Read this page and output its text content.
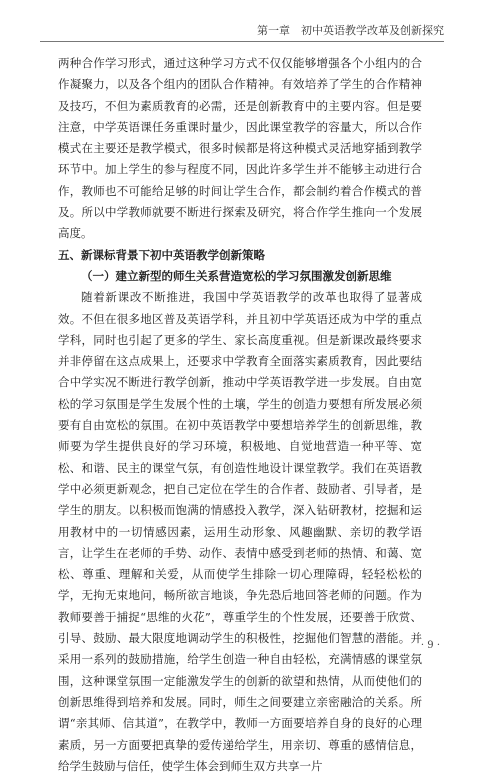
第一章　初中英语教学改革及创新探究

两种合作学习形式，通过这种学习方式不仅仅能够增强各个小组内的合作凝聚力，以及各个组内的团队合作精神。有效培养了学生的合作精神及技巧，不但为素质教育的必需，还是创新教育中的主要内容。但是要注意，中学英语课任务重课时量少，因此课堂教学的容量大，所以合作模式在主要还是教学模式，很多时候都是将这种模式灵活地穿插到教学环节中。加上学生的参与程度不同，因此许多学生并不能够主动进行合作，教师也不可能给足够的时间让学生合作，都会制约着合作模式的普及。所以中学教师就要不断进行探索及研究，将合作学生推向一个发展高度。

五、新课标背景下初中英语教学创新策略

（一）建立新型的师生关系营造宽松的学习氛围激发创新思维

随着新课改不断推进，我国中学英语教学的改革也取得了显著成效。不但在很多地区普及英语学科，并且初中学英语还成为中学的重点学科，同时也引起了更多的学生、家长高度重视。但是新课改最终要求并非停留在这点成果上，还要求中学教育全面落实素质教育，因此要结合中学实况不断进行教学创新，推动中学英语教学进一步发展。自由宽松的学习氛围是学生发展个性的土壤，学生的创造力要想有所发展必须要有自由宽松的氛围。在初中英语教学中要想培养学生的创新思维，教师要为学生提供良好的学习环境，积极地、自觉地营造一种平等、宽松、和谐、民主的课堂气氛，有创造性地设计课堂教学。我们在英语教学中必须更新观念，把自己定位在学生的合作者、鼓励者、引导者，是学生的朋友。以积极而饱满的情感投入教学，深入钻研教材，挖掘和运用教材中的一切情感因素，运用生动形象、风趣幽默、亲切的教学语言，让学生在老师的手势、动作、表情中感受到老师的热情、和蔼、宽松、尊重、理解和关爱，从而使学生排除一切心理障碍，轻轻松松的学，无拘无束地问，畅所欲言地谈，争先恐后地回答老师的问题。作为教师要善于捕捉“思维的火花”，尊重学生的个性发展，还要善于欣赏、引导、鼓励、最大限度地调动学生的积极性，挖掘他们智慧的潜能。并采用一系列的鼓励措施，给学生创造一种自由轻松，充满情感的课堂氛围，这种课堂氛围一定能激发学生的创新的欲望和热情，从而使他们的创新思维得到培养和发展。同时，师生之间要建立亲密融洽的关系。所谓“亲其师、信其道”，在教学中，教师一方面要培养自身的良好的心理素质，另一方面要把真挚的爱传递给学生，用亲切、尊重的感情信息，给学生鼓励与信任，使学生体会到师生双方共享一片

· 9 ·
